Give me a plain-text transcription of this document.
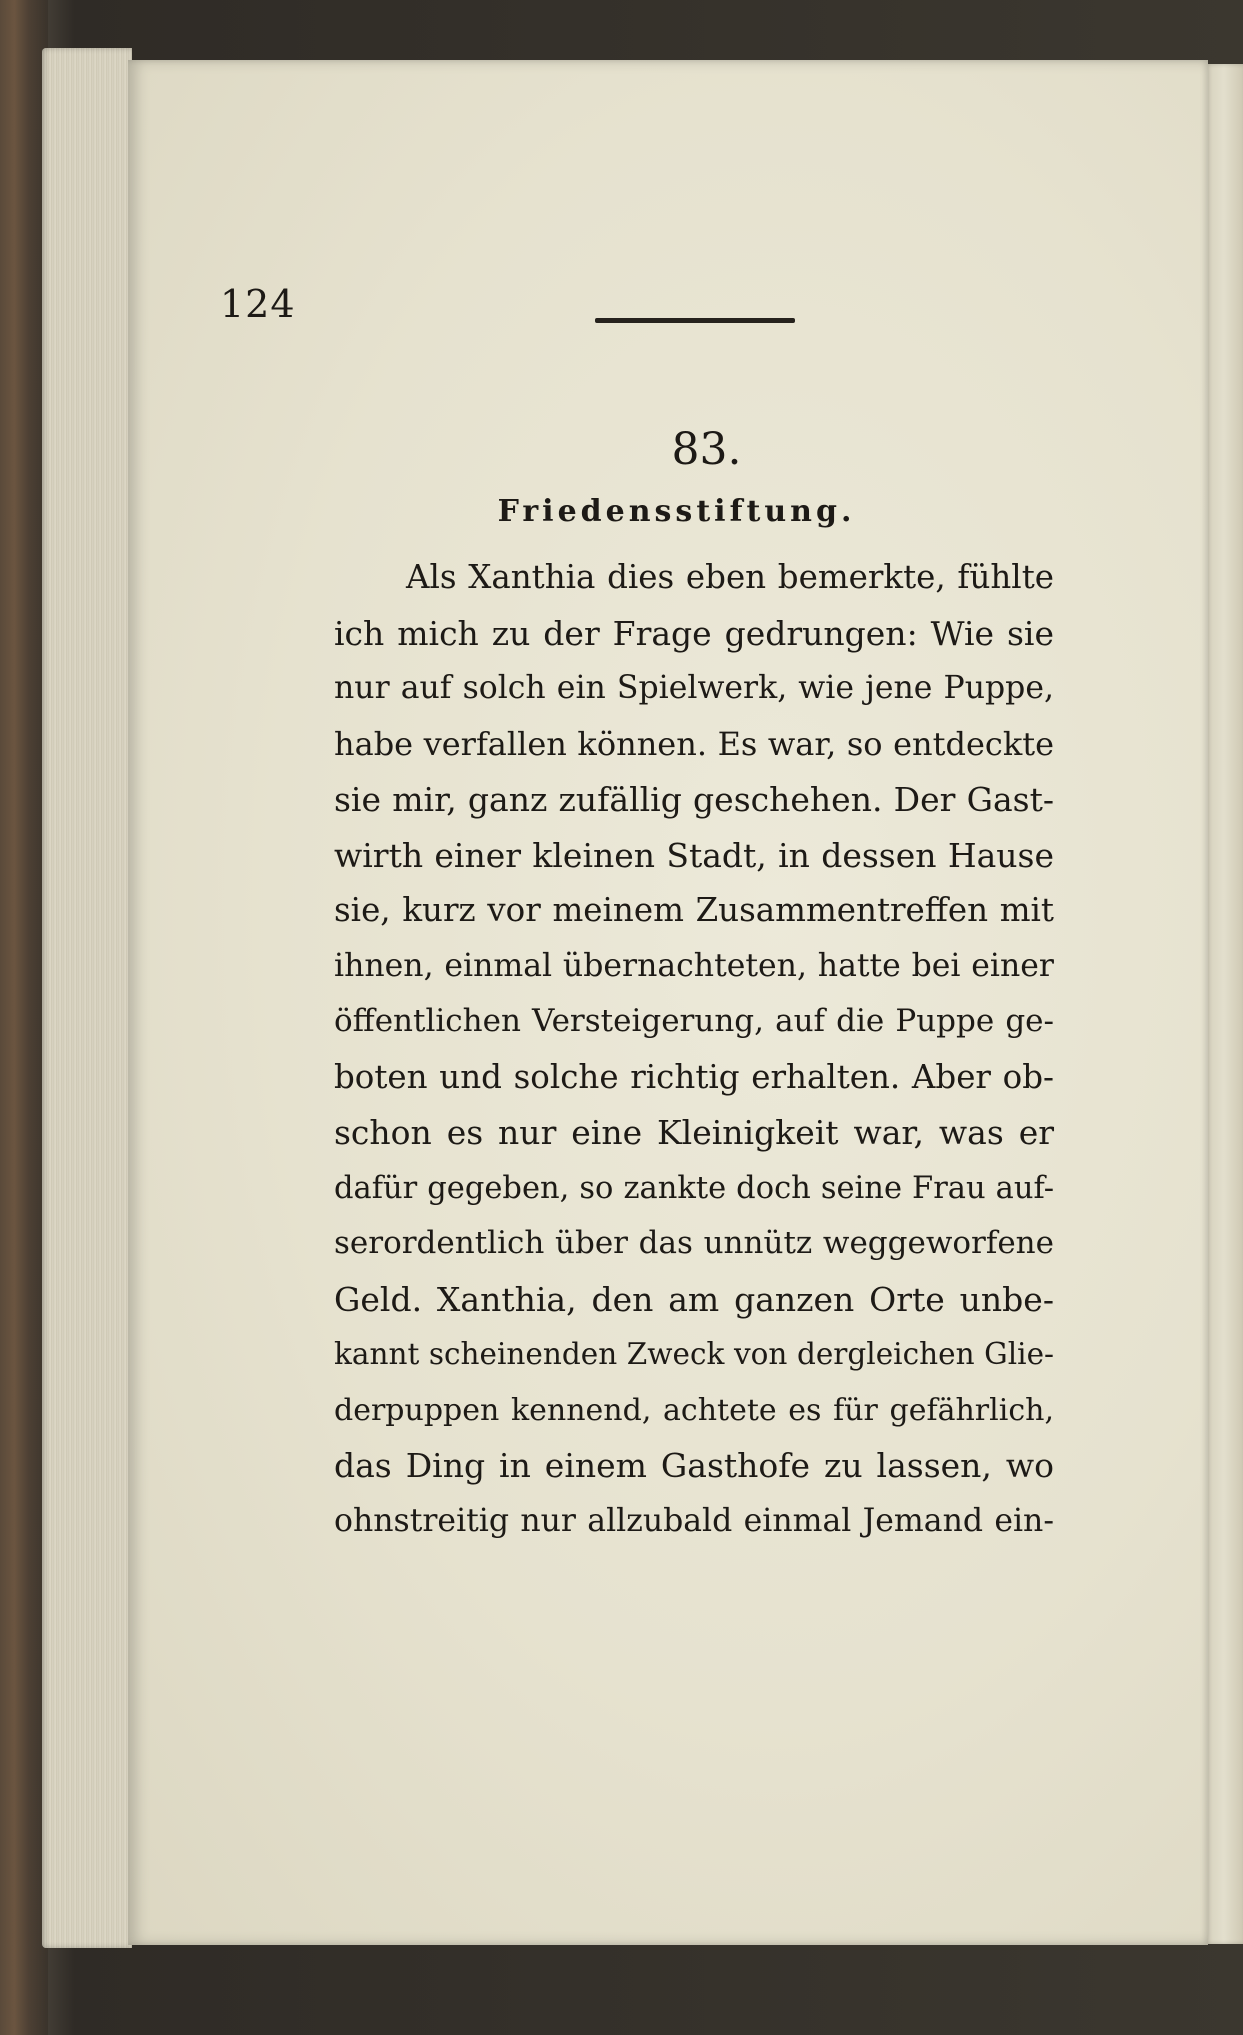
124
83.
Friedensstiftung.
Als Xanthia dies eben bemerkte, fühlte
ich mich zu der Frage gedrungen: Wie sie
nur auf solch ein Spielwerk, wie jene Puppe,
habe verfallen können. Es war, so entdeckte
sie mir, ganz zufällig geschehen. Der Gast-
wirth einer kleinen Stadt, in dessen Hause
sie, kurz vor meinem Zusammentreffen mit
ihnen, einmal übernachteten, hatte bei einer
öffentlichen Versteigerung, auf die Puppe ge-
boten und solche richtig erhalten. Aber ob-
schon es nur eine Kleinigkeit war, was er
dafür gegeben, so zankte doch seine Frau auf-
serordentlich über das unnütz weggeworfene
Geld. Xanthia, den am ganzen Orte unbe-
kannt scheinenden Zweck von dergleichen Glie-
derpuppen kennend, achtete es für gefährlich,
das Ding in einem Gasthofe zu lassen, wo
ohnstreitig nur allzubald einmal Jemand ein-
